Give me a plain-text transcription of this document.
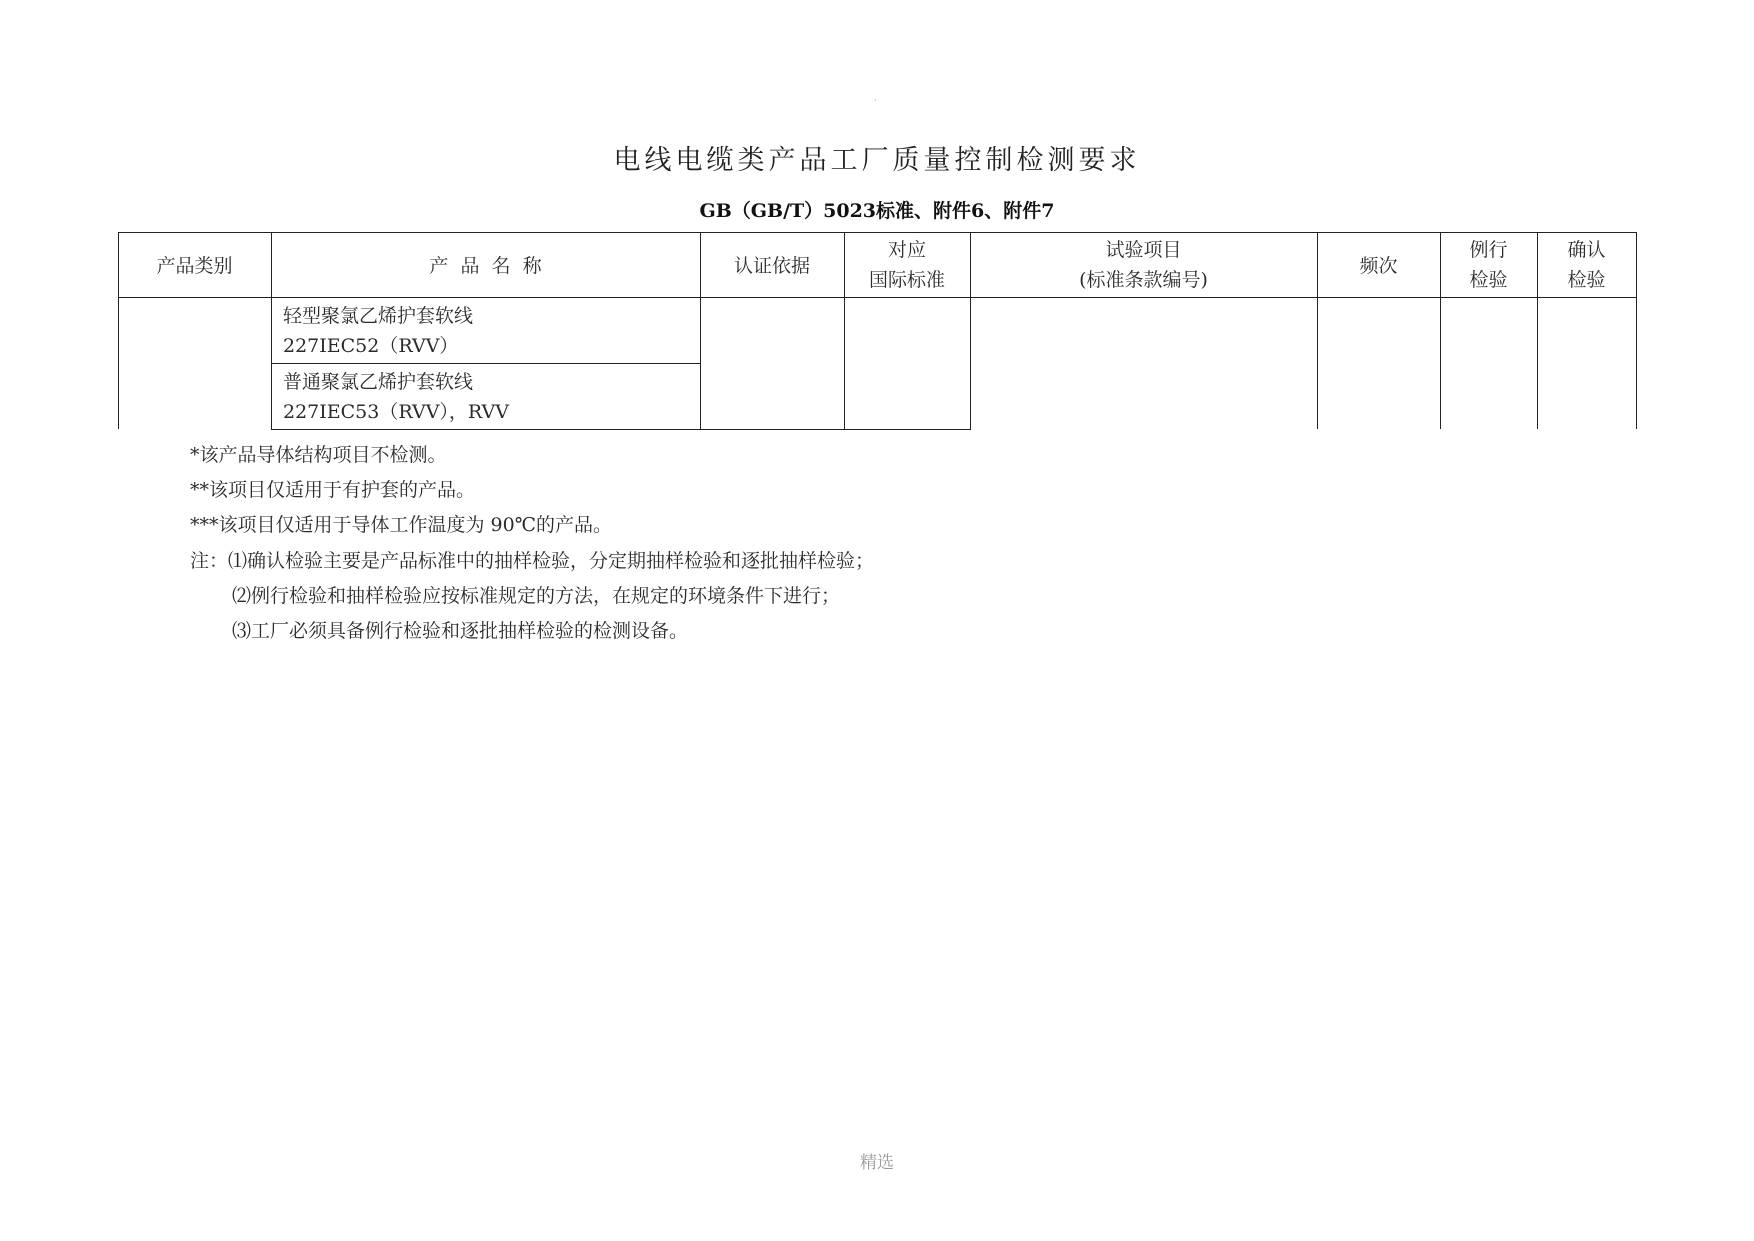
·
电线电缆类产品工厂质量控制检测要求
GB（GB/T）5023标准、附件6、附件7
产品类别	产  品  名  称	认证依据
对应
国际标准
试验项目
(标准条款编号)
频次
例行
检验
确认
检验
轻型聚氯乙烯护套软线
227IEC52（RVV）
普通聚氯乙烯护套软线
227IEC53（RVV），RVV
*该产品导体结构项目不检测。
**该项目仅适用于有护套的产品。
***该项目仅适用于导体工作温度为 90℃的产品。
注：⑴确认检验主要是产品标准中的抽样检验，分定期抽样检验和逐批抽样检验；
⑵例行检验和抽样检验应按标准规定的方法，在规定的环境条件下进行；
⑶工厂必须具备例行检验和逐批抽样检验的检测设备。
精选
